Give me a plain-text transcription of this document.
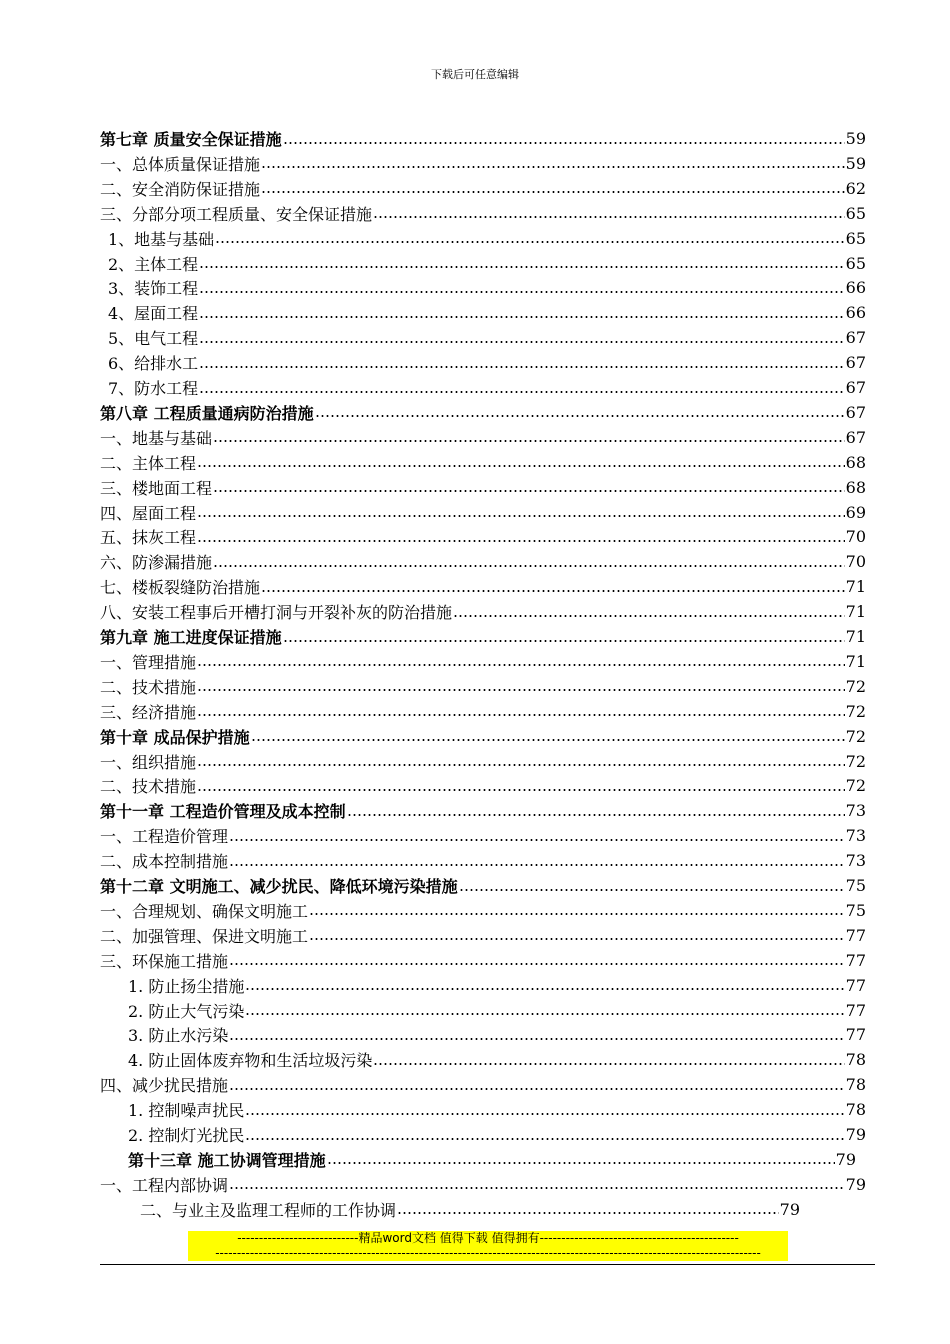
下载后可任意编辑
第七章 质量安全保证措施	59
一、总体质量保证措施	59
二、安全消防保证措施	62
三、分部分项工程质量、安全保证措施	65
1、地基与基础	65
2、主体工程	65
3、装饰工程	66
4、屋面工程	66
5、电气工程	67
6、给排水工	67
7、防水工程	67
第八章 工程质量通病防治措施	67
一、地基与基础	67
二、主体工程	68
三、楼地面工程	68
四、屋面工程	69
五、抹灰工程	70
六、防渗漏措施	70
七、楼板裂缝防治措施	71
八、安装工程事后开槽打洞与开裂补灰的防治措施	71
第九章 施工进度保证措施	71
一、管理措施	71
二、技术措施	72
三、经济措施	72
第十章 成品保护措施	72
一、组织措施	72
二、技术措施	72
第十一章 工程造价管理及成本控制	73
一、工程造价管理	73
二、成本控制措施	73
第十二章 文明施工、减少扰民、降低环境污染措施	75
一、合理规划、确保文明施工	75
二、加强管理、保进文明施工	77
三、环保施工措施	77
1. 防止扬尘措施	77
2. 防止大气污染	77
3. 防止水污染	77
4. 防止固体废弃物和生活垃圾污染	78
四、减少扰民措施	78
1. 控制噪声扰民	78
2. 控制灯光扰民	79
第十三章 施工协调管理措施	79
一、工程内部协调	79
二、与业主及监理工程师的工作协调	79
----------------------------精品word文档 值得下载 值得拥有----------------------------------------------
------------------------------------------------------------------------------------------------------------------------------
